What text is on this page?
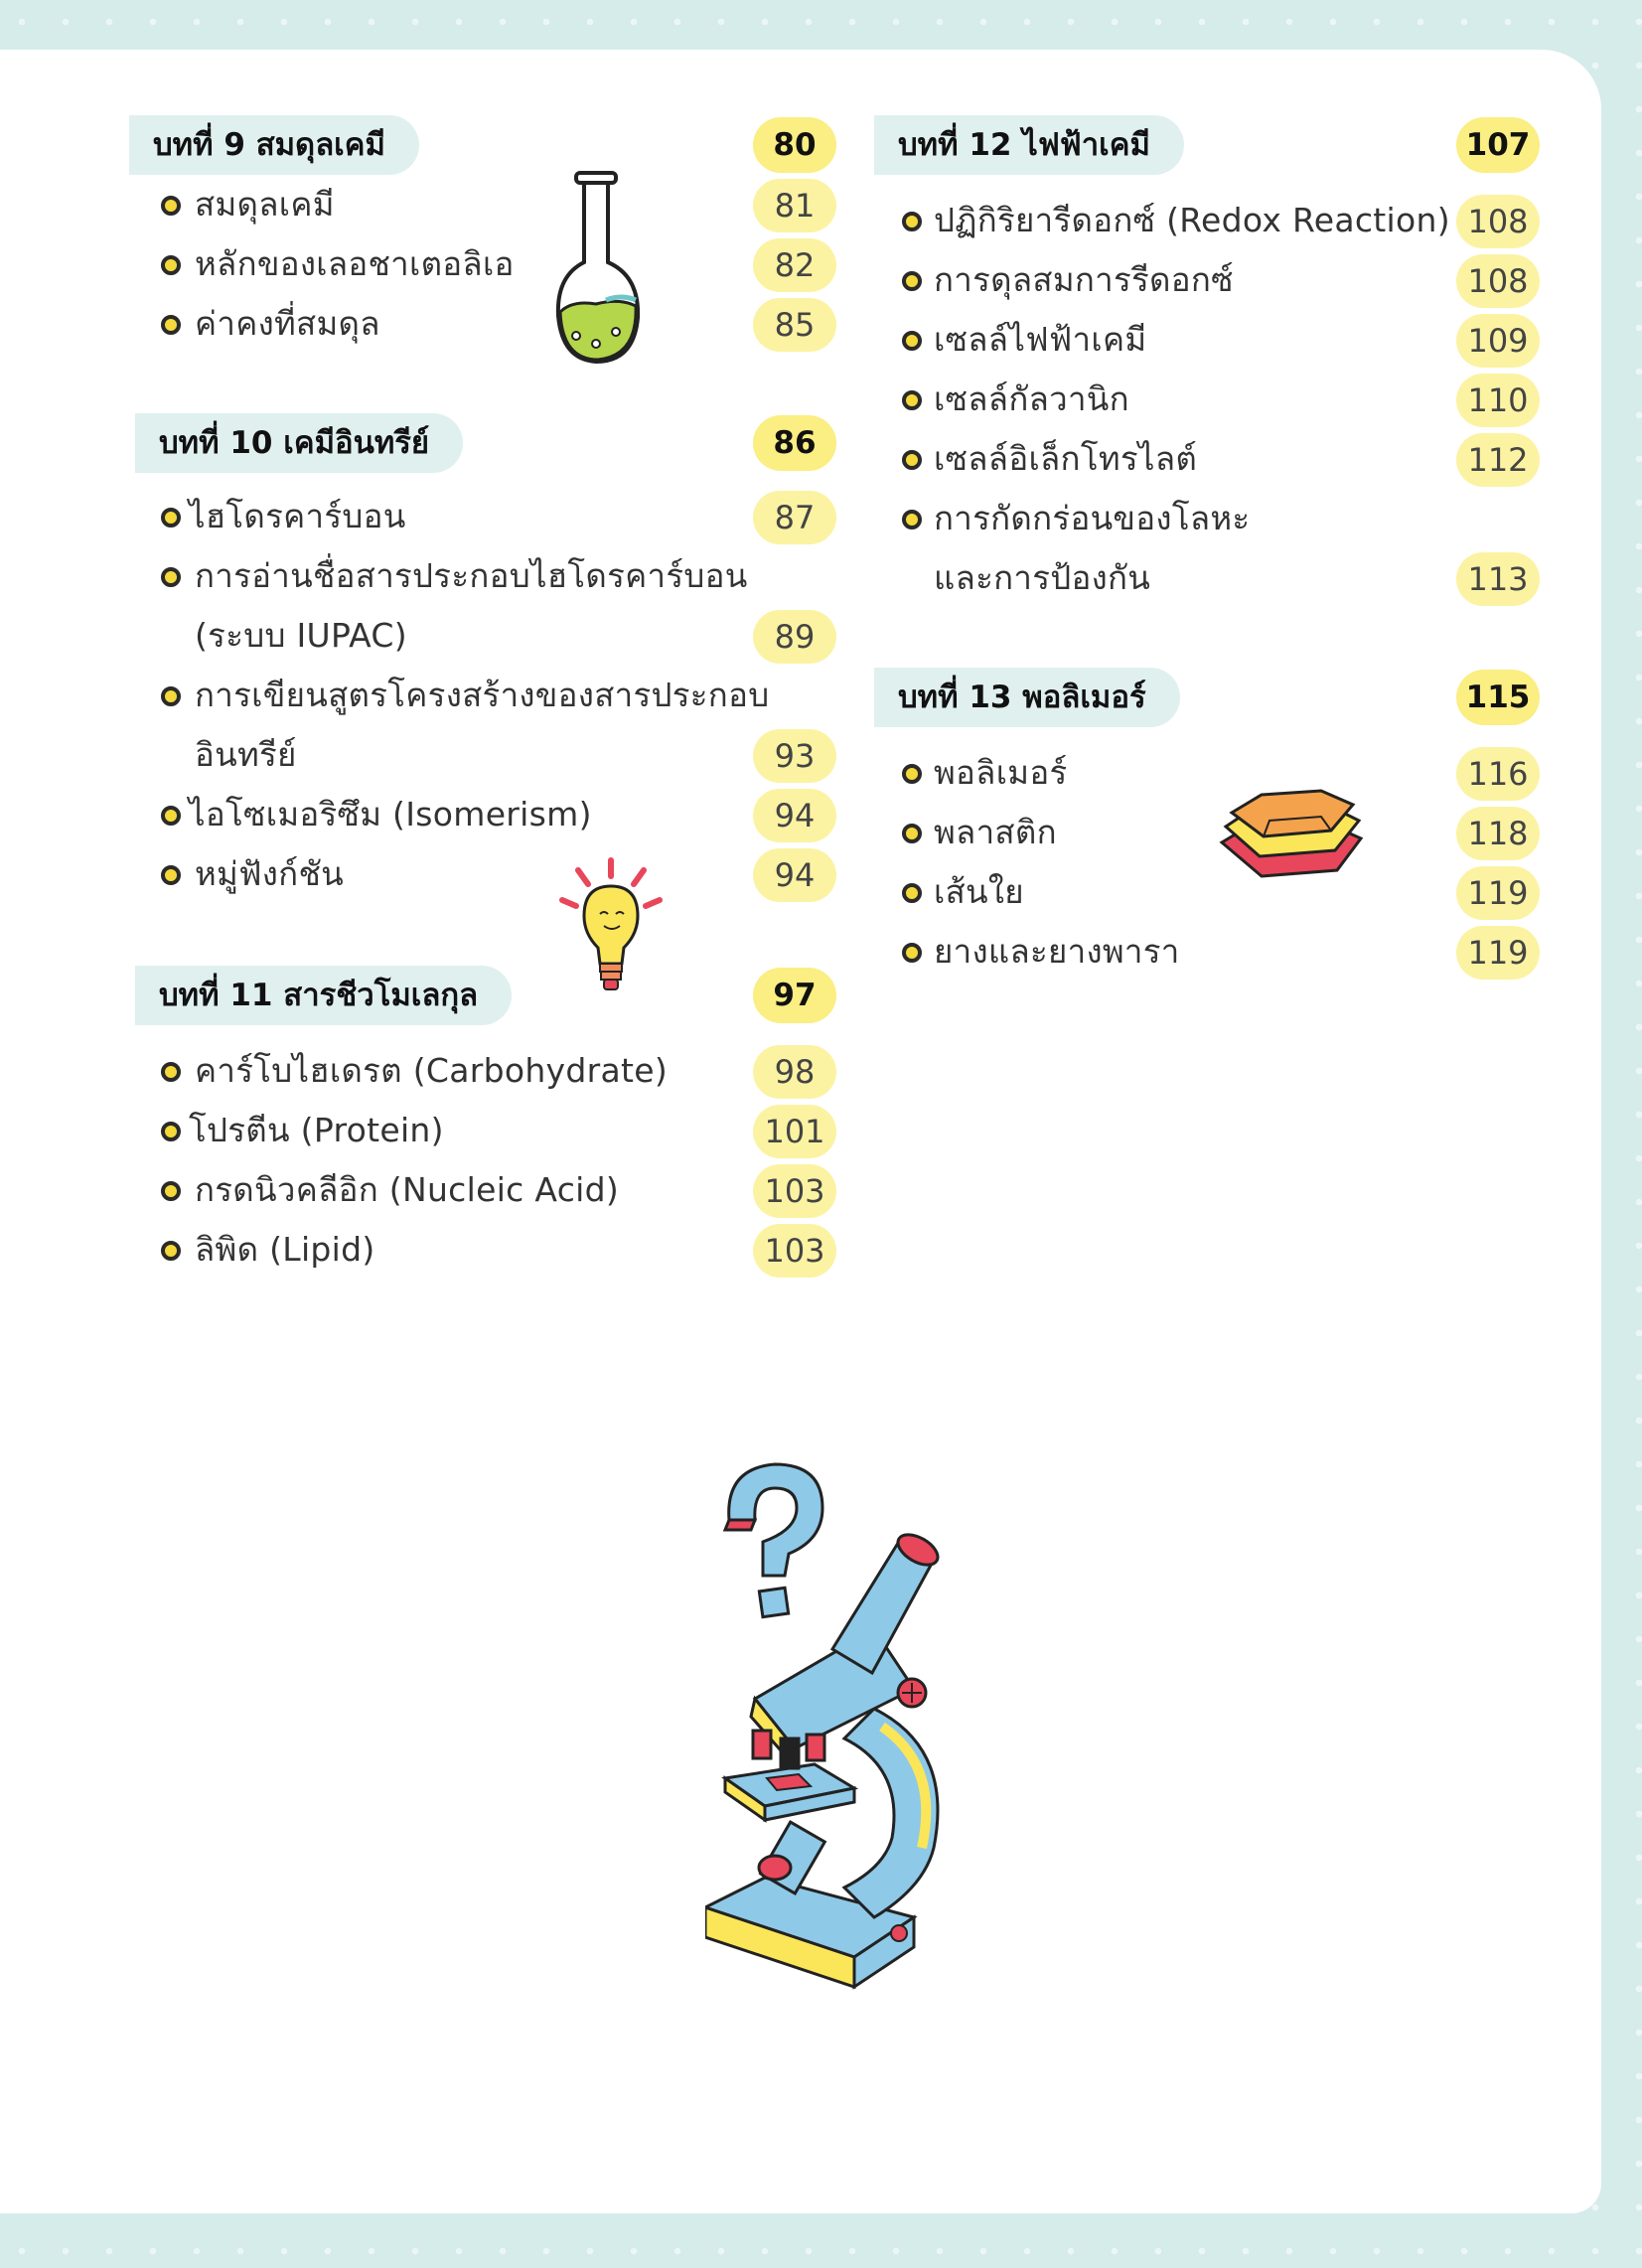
บทที่ 9 สมดุลเคมี	80
สมดุลเคมี	81
หลักของเลอชาเตอลิเอ	82
ค่าคงที่สมดุล	85
บทที่ 10 เคมีอินทรีย์	86
ไฮโดรคาร์บอน	87
การอ่านชื่อสารประกอบไฮโดรคาร์บอน
(ระบบ IUPAC)	89
การเขียนสูตรโครงสร้างของสารประกอบ
อินทรีย์	93
ไอโซเมอริซึม (Isomerism)	94
หมู่ฟังก์ชัน	94
บทที่ 11 สารชีวโมเลกุล	97
คาร์โบไฮเดรต (Carbohydrate)	98
โปรตีน (Protein)	101
กรดนิวคลีอิก (Nucleic Acid)	103
ลิพิด (Lipid)	103
บทที่ 12 ไฟฟ้าเคมี	107
ปฏิกิริยารีดอกซ์ (Redox Reaction) 108
การดุลสมการรีดอกซ์	108
เซลล์ไฟฟ้าเคมี	109
เซลล์กัลวานิก	110
เซลล์อิเล็กโทรไลต์	112
การกัดกร่อนของโลหะ
และการป้องกัน	113
บทที่ 13 พอลิเมอร์	115
พอลิเมอร์	116
พลาสติก	118
เส้นใย	119
ยางและยางพารา	119
